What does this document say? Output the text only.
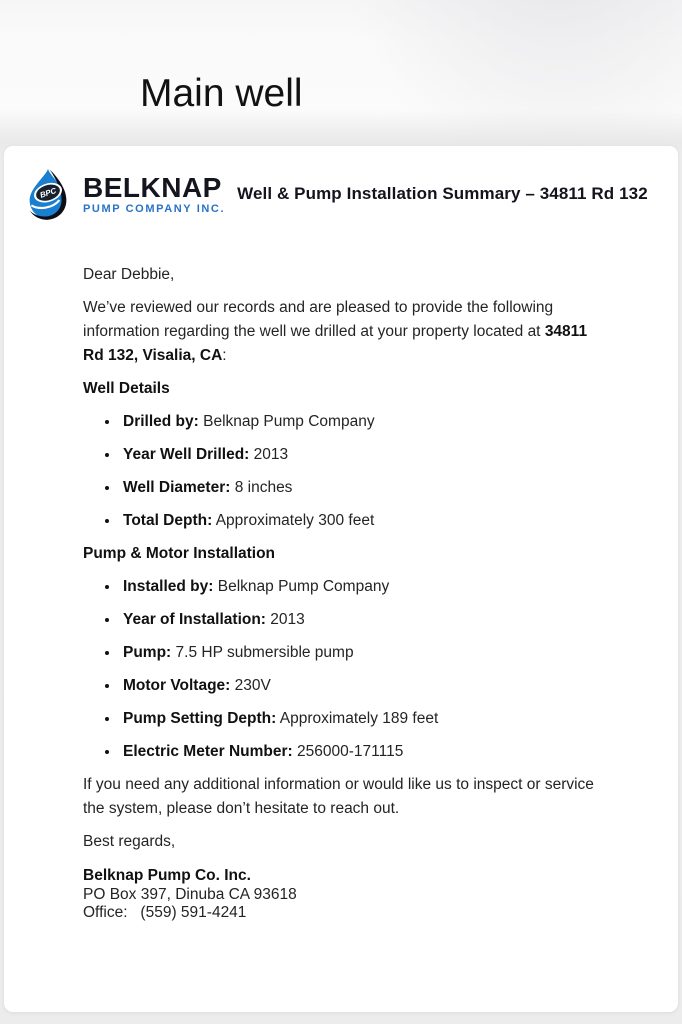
Main well
BPC BELKNAP
PUMP COMPANY INC.
Well & Pump Installation Summary – 34811 Rd 132

Dear Debbie,

We’ve reviewed our records and are pleased to provide the following information regarding the well we drilled at your property located at 34811 Rd 132, Visalia, CA:

Well Details
Drilled by: Belknap Pump Company
Year Well Drilled: 2013
Well Diameter: 8 inches
Total Depth: Approximately 300 feet
Pump & Motor Installation
Installed by: Belknap Pump Company
Year of Installation: 2013
Pump: 7.5 HP submersible pump
Motor Voltage: 230V
Pump Setting Depth: Approximately 189 feet
Electric Meter Number: 256000-171115

If you need any additional information or would like us to inspect or service the system, please don’t hesitate to reach out.

Best regards,

Belknap Pump Co. Inc.
PO Box 397, Dinuba CA 93618
Office:   (559) 591-4241
